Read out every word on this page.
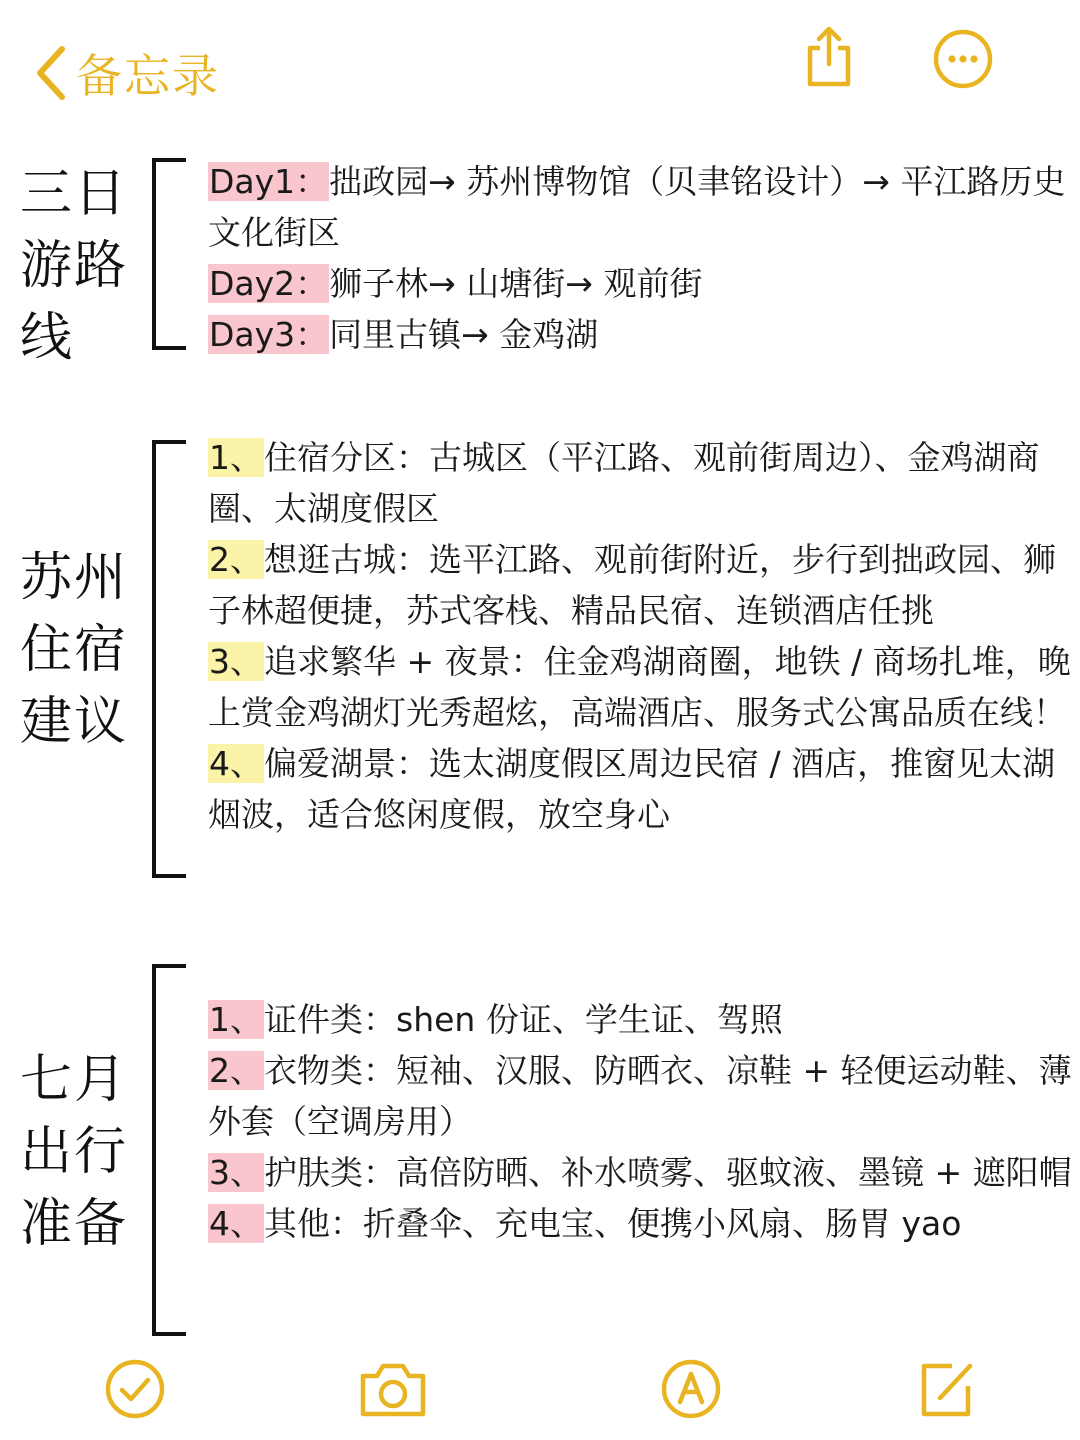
备忘录
三日游路线

Day1：拙政园→ 苏州博物馆（贝聿铭设计）→ 平江路历史文化街区

Day2：狮子林→ 山塘街→ 观前街

Day3：同里古镇→ 金鸡湖

苏州住宿建议

1、住宿分区：古城区（平江路、观前街周边）、金鸡湖商圈、太湖度假区

2、想逛古城：选平江路、观前街附近，步行到拙政园、狮子林超便捷，苏式客栈、精品民宿、连锁酒店任挑

3、追求繁华 + 夜景：住金鸡湖商圈，地铁 / 商场扎堆，晚上赏金鸡湖灯光秀超炫，高端酒店、服务式公寓品质在线！

4、偏爱湖景：选太湖度假区周边民宿 / 酒店，推窗见太湖烟波，适合悠闲度假，放空身心

七月出行准备

1、证件类：shen 份证、学生证、驾照

2、衣物类：短袖、汉服、防晒衣、凉鞋 + 轻便运动鞋、薄外套（空调房用）

3、护肤类：高倍防晒、补水喷雾、驱蚊液、墨镜 + 遮阳帽

4、其他：折叠伞、充电宝、便携小风扇、肠胃 yao
